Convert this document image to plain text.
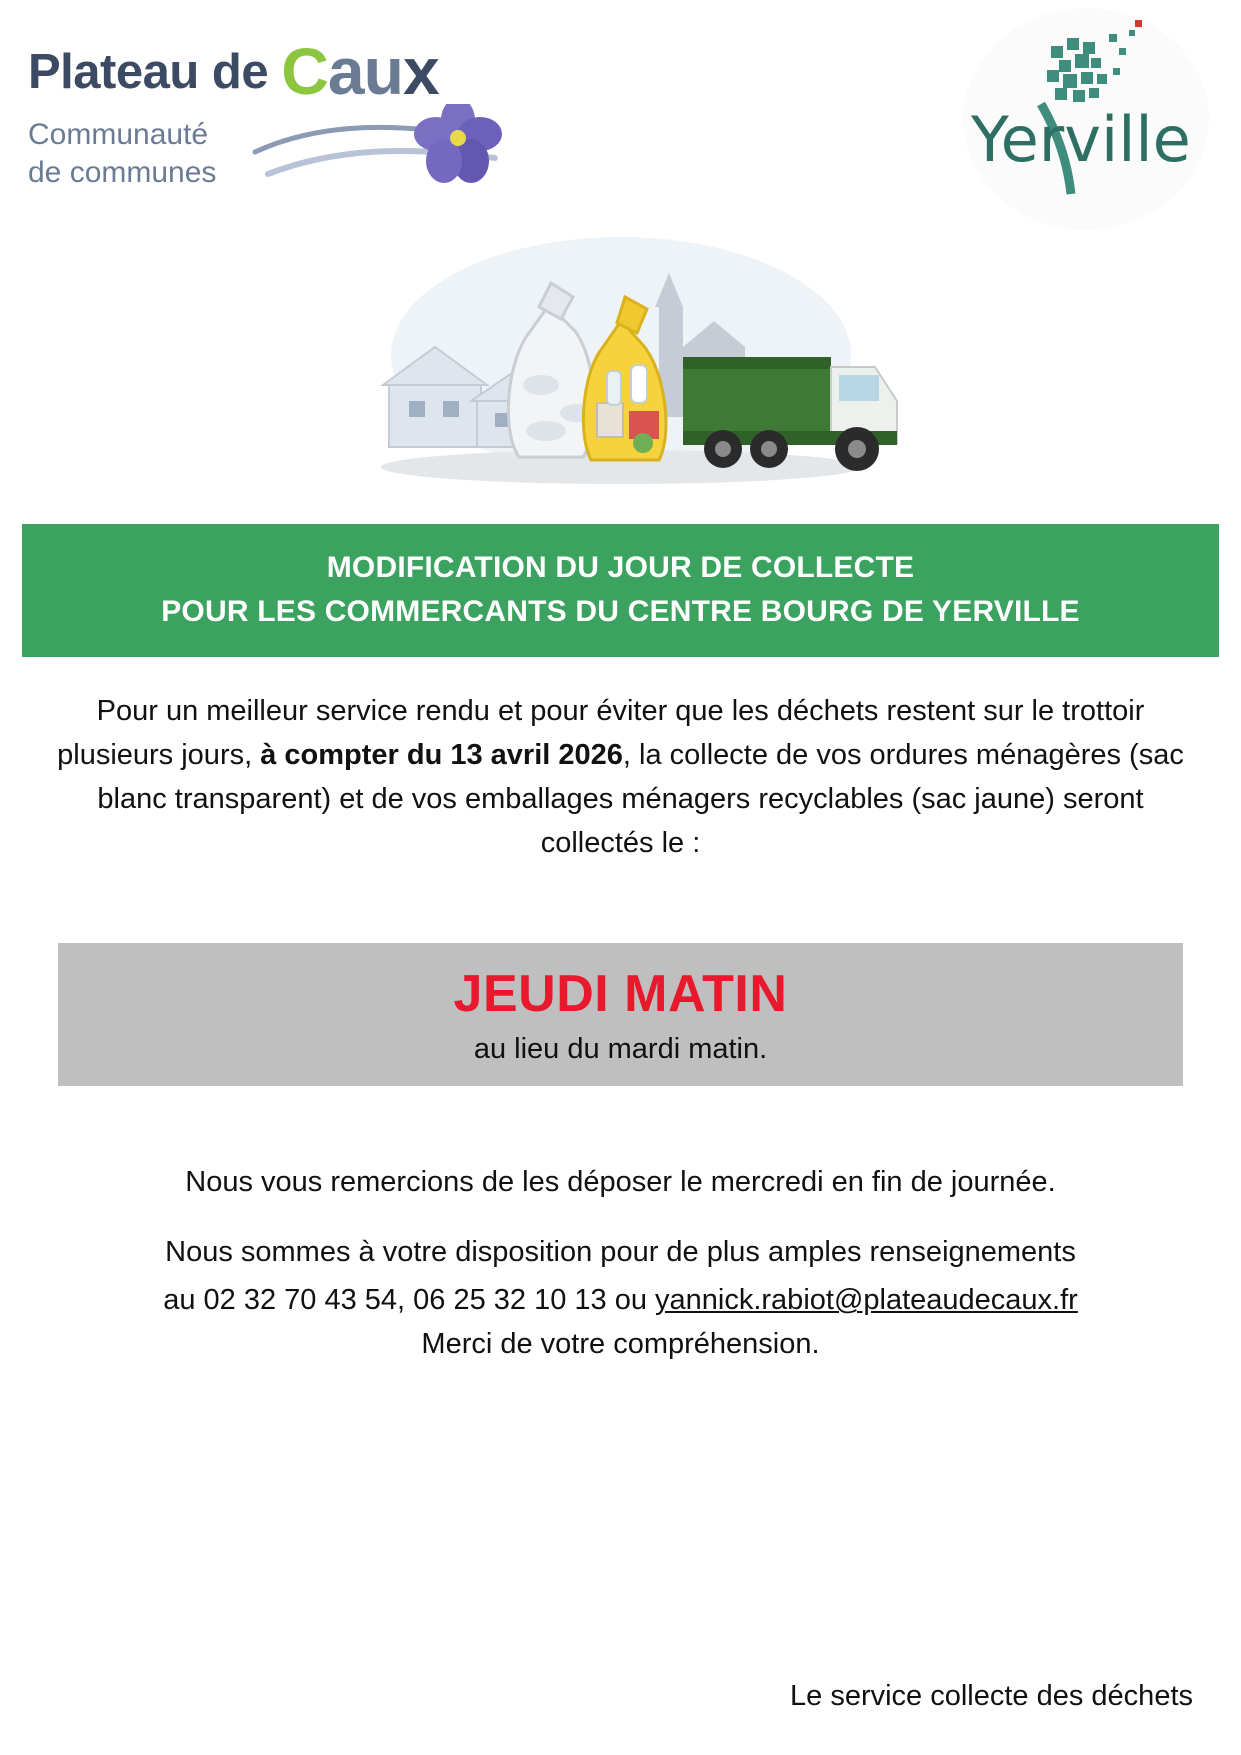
Plateau de Caux
Communauté
de communes	Yerville
MODIFICATION DU JOUR DE COLLECTE
POUR LES COMMERCANTS DU CENTRE BOURG DE YERVILLE
Pour un meilleur service rendu et pour éviter que les déchets restent sur le trottoir plusieurs jours, à compter du 13 avril 2026, la collecte de vos ordures ménagères (sac blanc transparent) et de vos emballages ménagers recyclables (sac jaune) seront collectés le :
JEUDI MATIN
au lieu du mardi matin.

Nous vous remercions de les déposer le mercredi en fin de journée.

Nous sommes à votre disposition pour de plus amples renseignements

au 02 32 70 43 54, 06 25 32 10 13 ou yannick.rabiot@plateaudecaux.fr

Merci de votre compréhension.

Le service collecte des déchets
